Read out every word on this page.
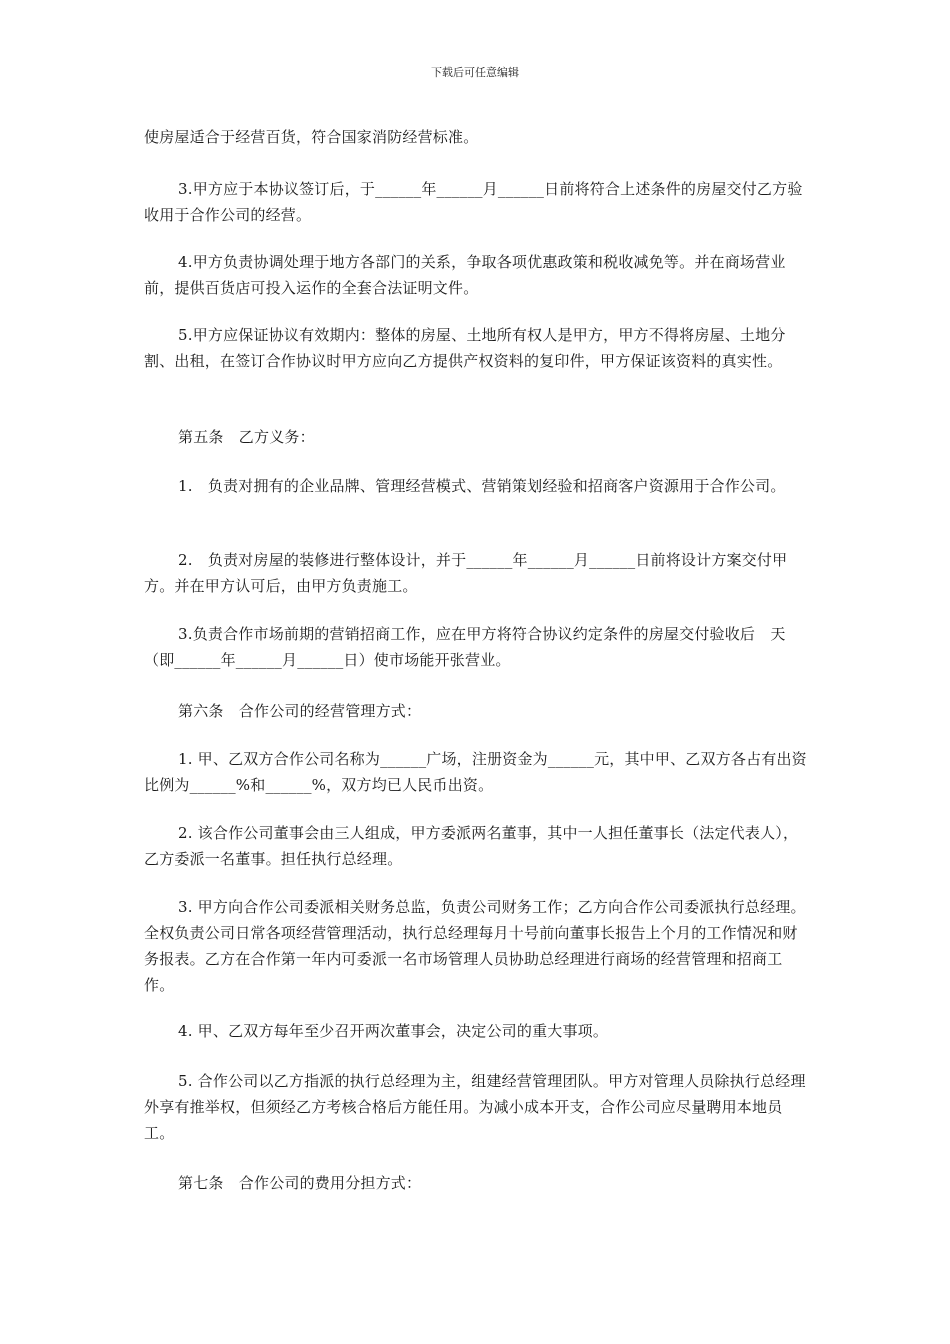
下载后可任意编辑
使房屋适合于经营百货，符合国家消防经营标准。
3.甲方应于本协议签订后，于______年______月______日前将符合上述条件的房屋交付乙方验收用于合作公司的经营。
4.甲方负责协调处理于地方各部门的关系，争取各项优惠政策和税收减免等。并在商场营业前，提供百货店可投入运作的全套合法证明文件。
5.甲方应保证协议有效期内：整体的房屋、土地所有权人是甲方，甲方不得将房屋、土地分割、出租，在签订合作协议时甲方应向乙方提供产权资料的复印件，甲方保证该资料的真实性。
第五条　乙方义务：
1.　负责对拥有的企业品牌、管理经营模式、营销策划经验和招商客户资源用于合作公司。
2.　负责对房屋的装修进行整体设计，并于______年______月______日前将设计方案交付甲方。并在甲方认可后，由甲方负责施工。
3.负责合作市场前期的营销招商工作，应在甲方将符合协议约定条件的房屋交付验收后　天（即______年______月______日）使市场能开张营业。
第六条　合作公司的经营管理方式：
1. 甲、乙双方合作公司名称为______广场，注册资金为______元，其中甲、乙双方各占有出资比例为______%和______%，双方均已人民币出资。
2. 该合作公司董事会由三人组成，甲方委派两名董事，其中一人担任董事长（法定代表人），乙方委派一名董事。担任执行总经理。
3. 甲方向合作公司委派相关财务总监，负责公司财务工作；乙方向合作公司委派执行总经理。全权负责公司日常各项经营管理活动，执行总经理每月十号前向董事长报告上个月的工作情况和财务报表。乙方在合作第一年内可委派一名市场管理人员协助总经理进行商场的经营管理和招商工作。
4. 甲、乙双方每年至少召开两次董事会，决定公司的重大事项。
5. 合作公司以乙方指派的执行总经理为主，组建经营管理团队。甲方对管理人员除执行总经理外享有推举权，但须经乙方考核合格后方能任用。为减小成本开支，合作公司应尽量聘用本地员工。
第七条　合作公司的费用分担方式：
